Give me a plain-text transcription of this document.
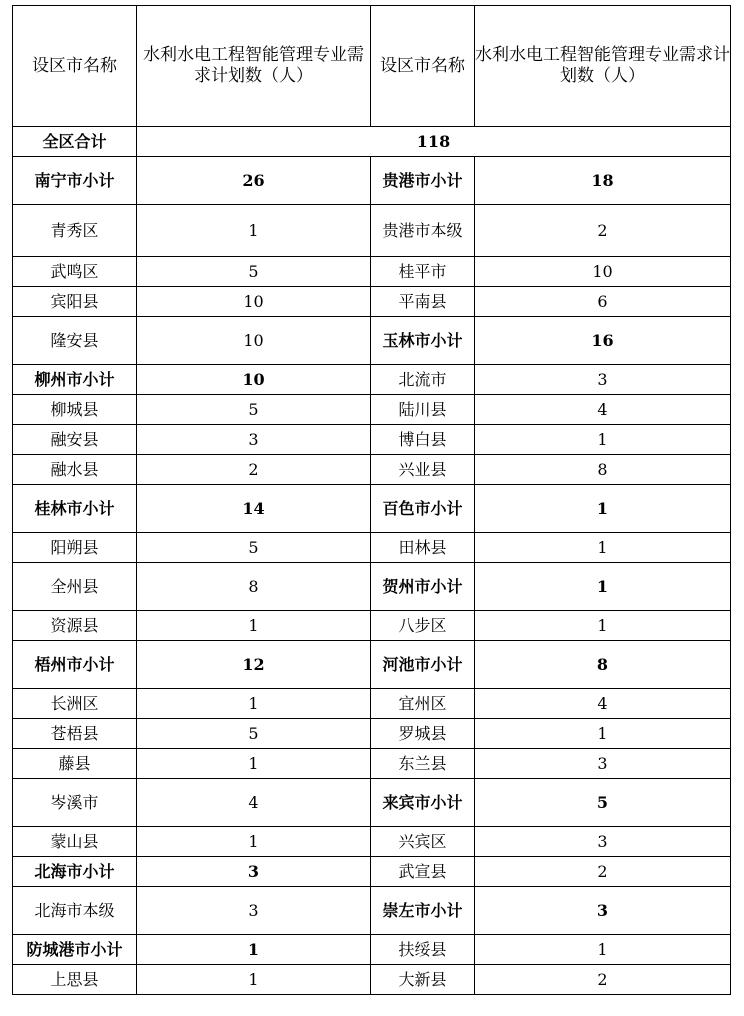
设区市名称	水利水电工程智能管理专业需求计划数（人）	设区市名称	水利水电工程智能管理专业需求计划数（人）
全区合计	118		
南宁市小计	26	贵港市小计	18
青秀区	1	贵港市本级	2
武鸣区	5	桂平市	10
宾阳县	10	平南县	6
隆安县	10	玉林市小计	16
柳州市小计	10	北流市	3
柳城县	5	陆川县	4
融安县	3	博白县	1
融水县	2	兴业县	8
桂林市小计	14	百色市小计	1
阳朔县	5	田林县	1
全州县	8	贺州市小计	1
资源县	1	八步区	1
梧州市小计	12	河池市小计	8
长洲区	1	宜州区	4
苍梧县	5	罗城县	1
藤县	1	东兰县	3
岑溪市	4	来宾市小计	5
蒙山县	1	兴宾区	3
北海市小计	3	武宣县	2
北海市本级	3	崇左市小计	3
防城港市小计	1	扶绥县	1
上思县	1	大新县	2
